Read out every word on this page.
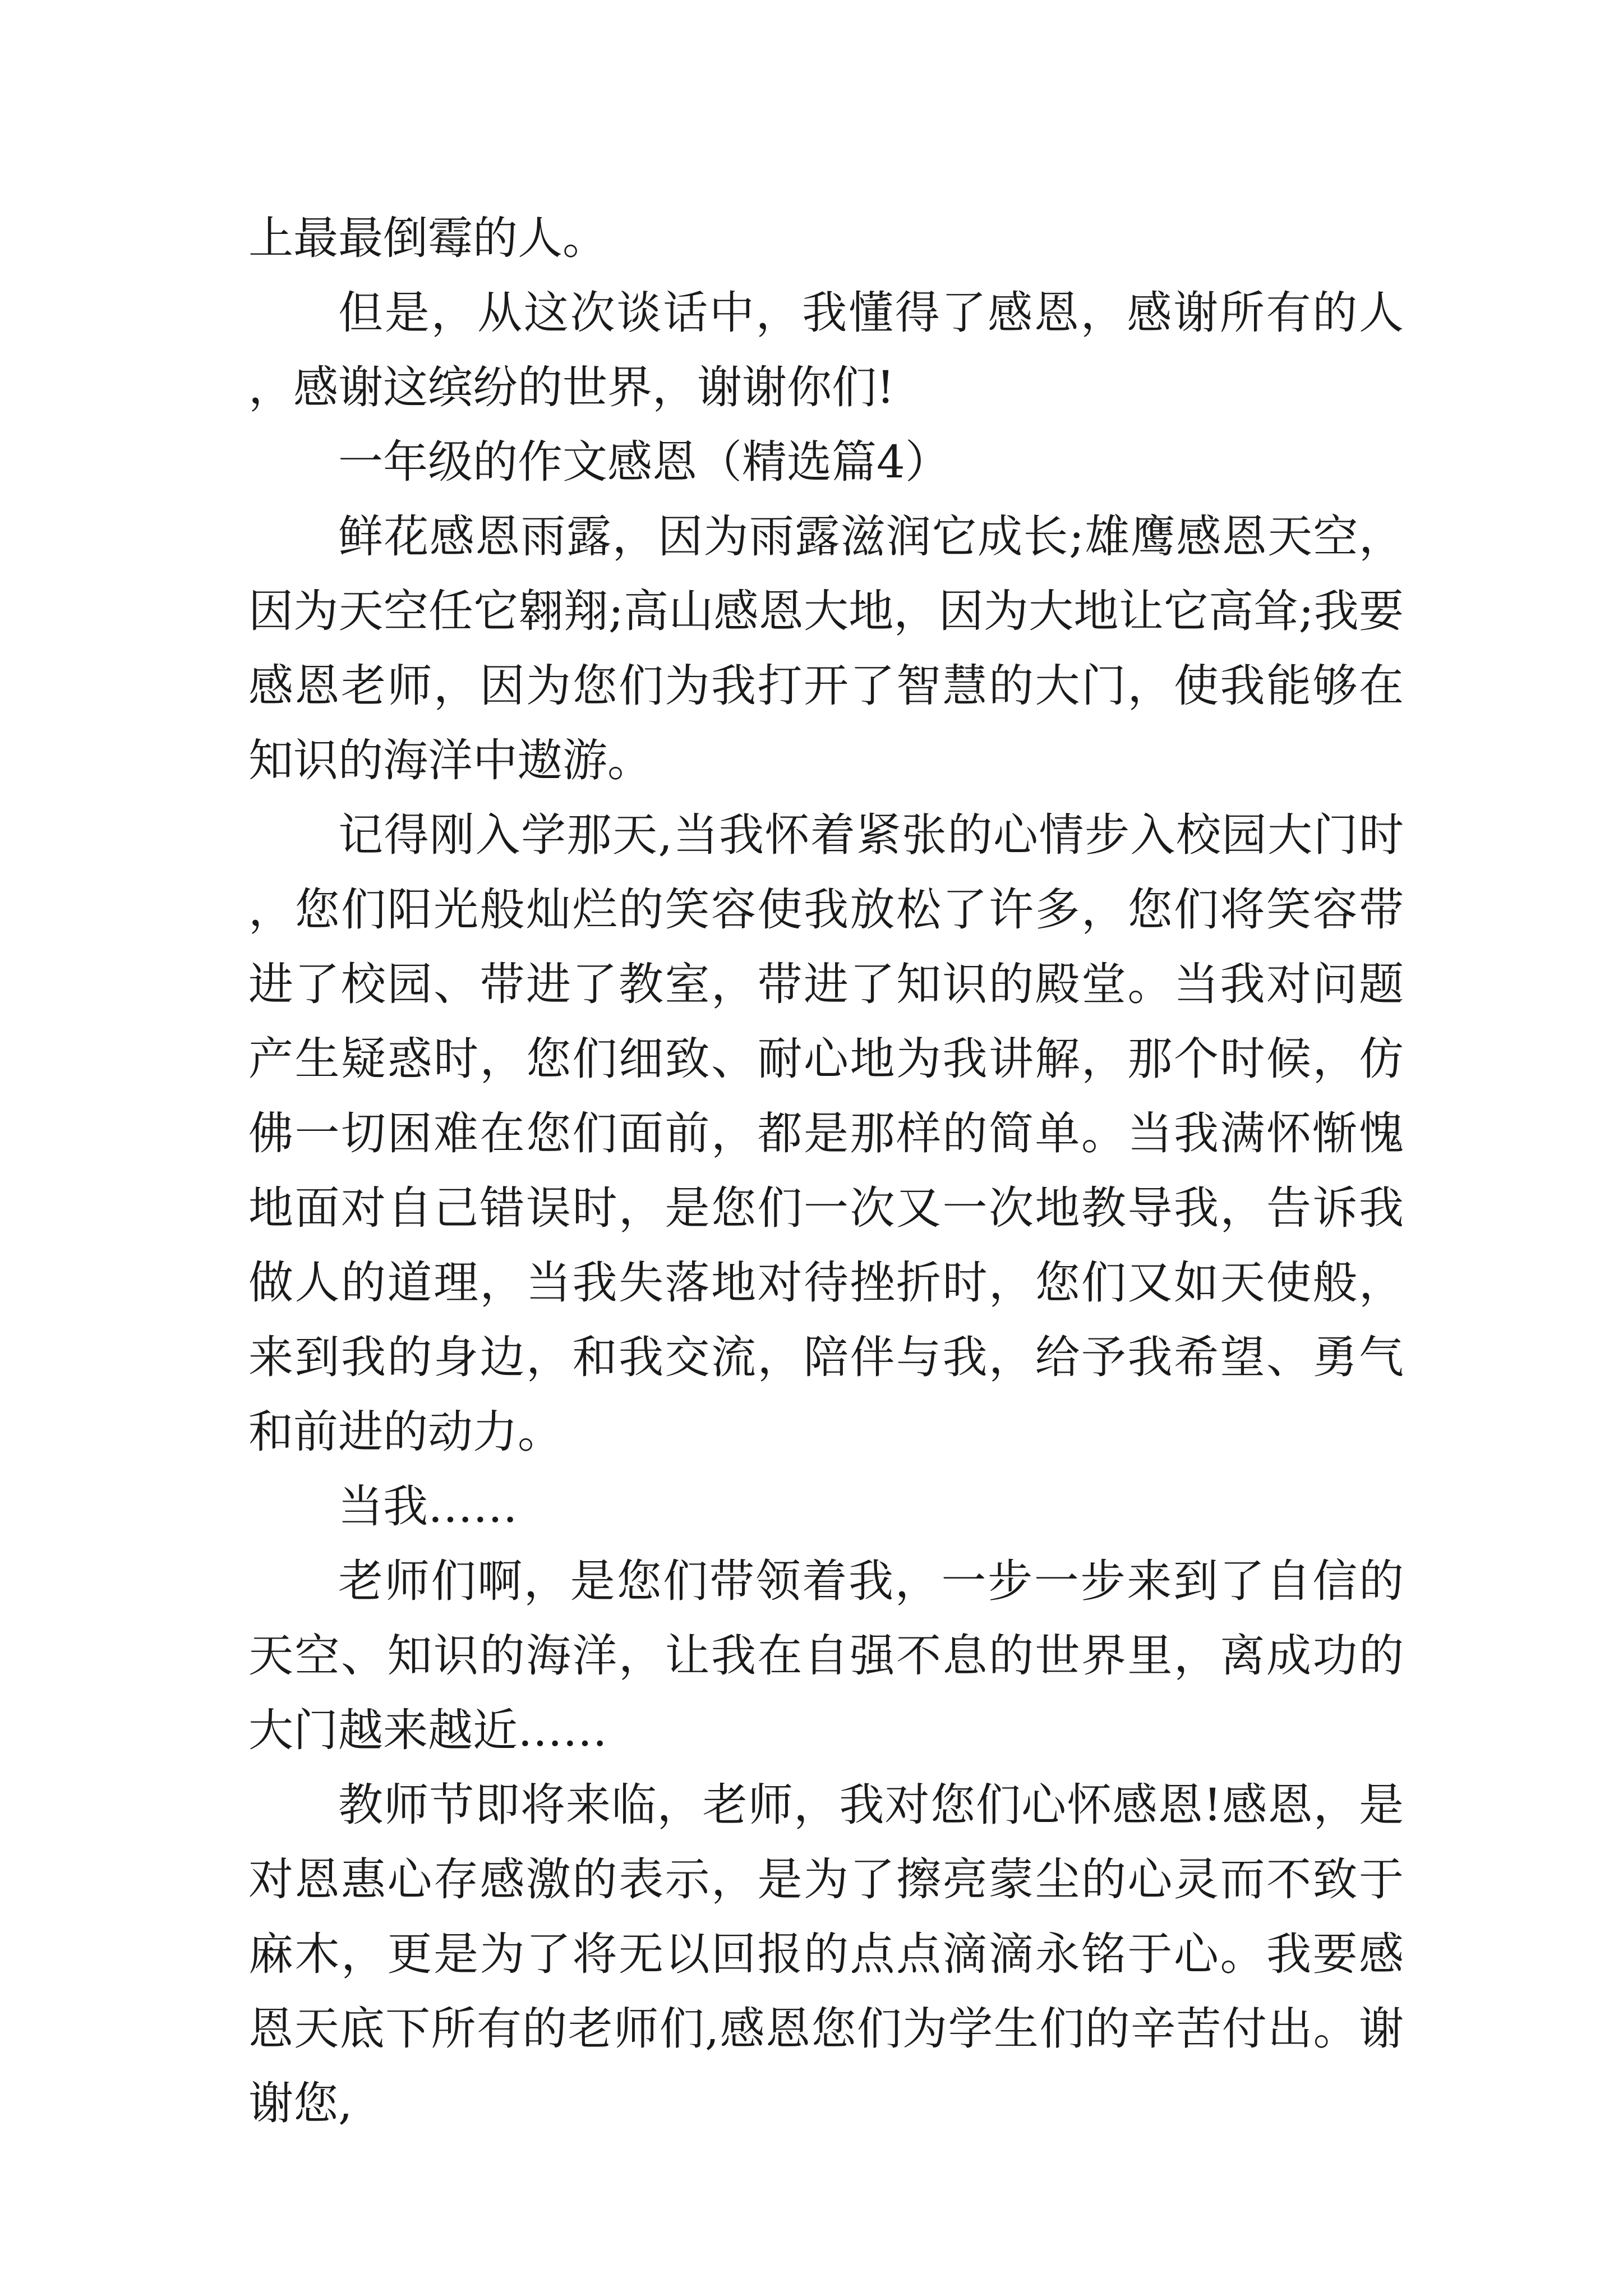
上最最倒霉的人。

但是，从这次谈话中，我懂得了感恩，感谢所有的人，感谢这缤纷的世界，谢谢你们!

一年级的作文感恩（精选篇4）

鲜花感恩雨露，因为雨露滋润它成长;雄鹰感恩天空，因为天空任它翱翔;高山感恩大地，因为大地让它高耸;我要感恩老师，因为您们为我打开了智慧的大门，使我能够在知识的海洋中遨游。

记得刚入学那天,当我怀着紧张的心情步入校园大门时，您们阳光般灿烂的笑容使我放松了许多，您们将笑容带进了校园、带进了教室，带进了知识的殿堂。当我对问题产生疑惑时，您们细致、耐心地为我讲解，那个时候，仿佛一切困难在您们面前，都是那样的简单。当我满怀惭愧地面对自己错误时，是您们一次又一次地教导我，告诉我做人的道理，当我失落地对待挫折时，您们又如天使般，来到我的身边，和我交流，陪伴与我，给予我希望、勇气和前进的动力。

当我……

老师们啊，是您们带领着我，一步一步来到了自信的天空、知识的海洋，让我在自强不息的世界里，离成功的大门越来越近……

教师节即将来临，老师，我对您们心怀感恩!感恩，是对恩惠心存感激的表示，是为了擦亮蒙尘的心灵而不致于麻木，更是为了将无以回报的点点滴滴永铭于心。我要感恩天底下所有的老师们,感恩您们为学生们的辛苦付出。谢谢您,
